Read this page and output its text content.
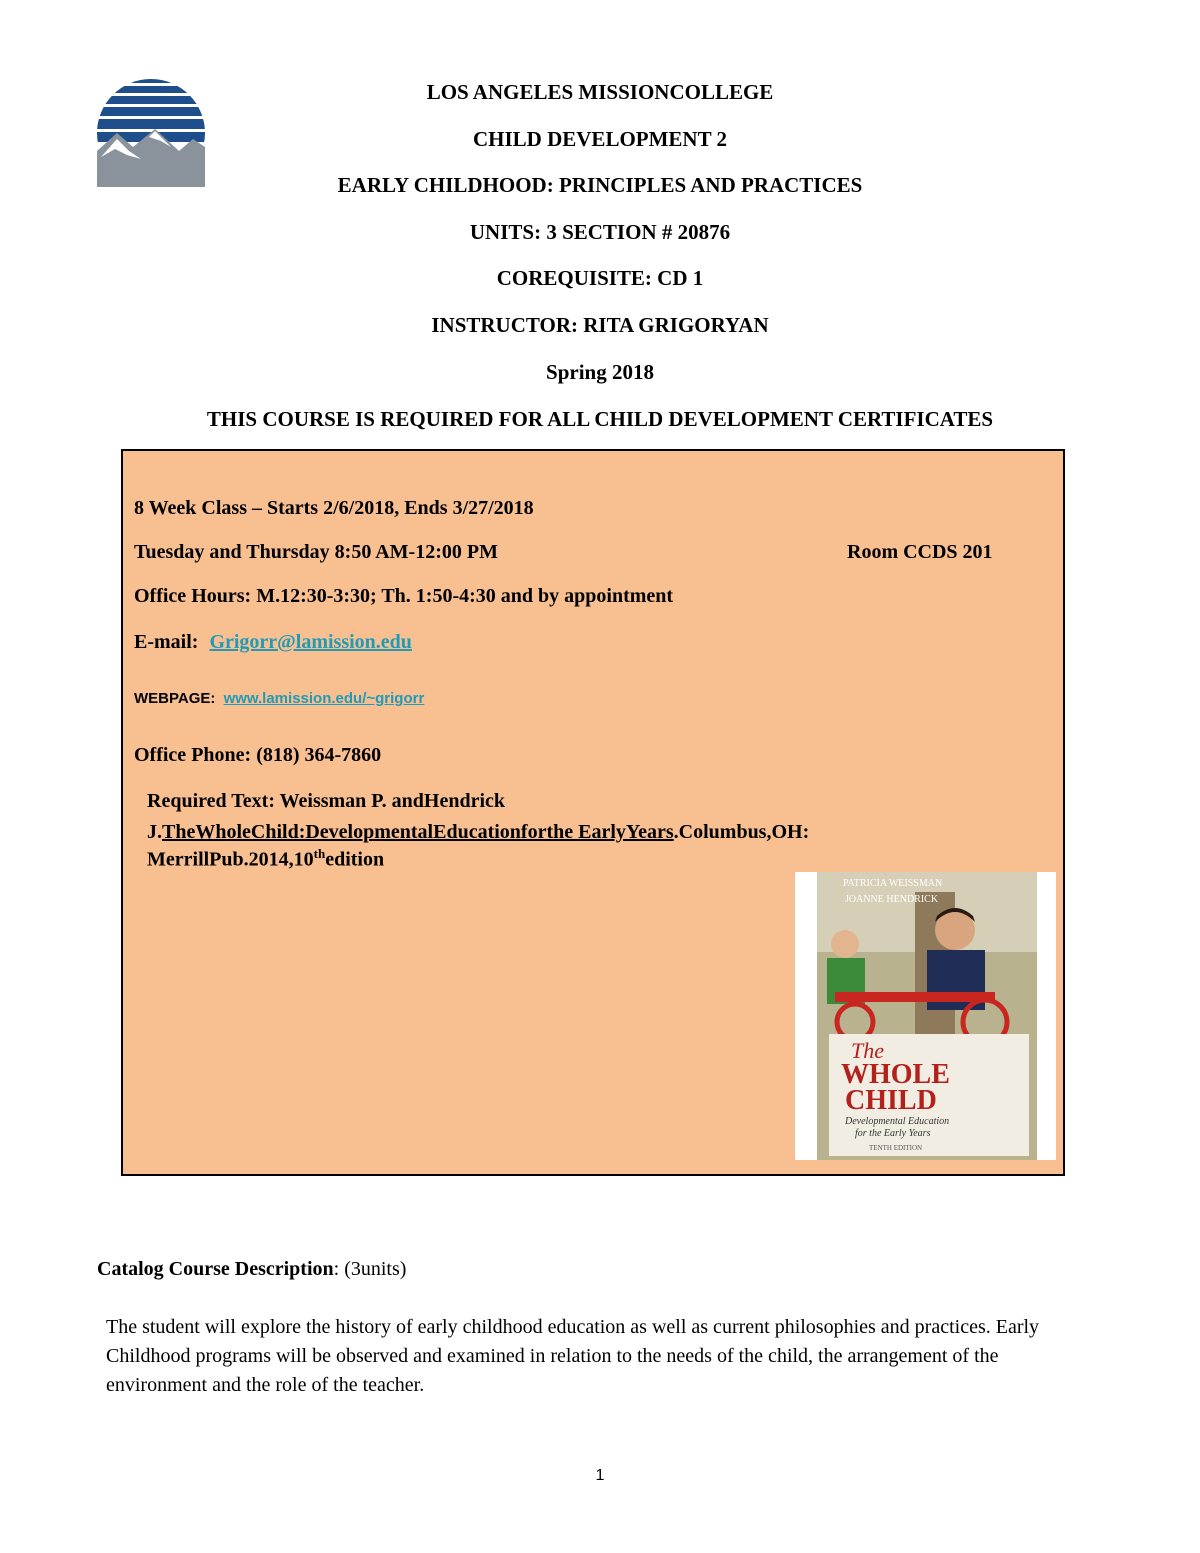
LOS ANGELES MISSIONCOLLEGE
CHILD DEVELOPMENT 2
EARLY CHILDHOOD: PRINCIPLES AND PRACTICES
UNITS: 3 SECTION # 20876
COREQUISITE: CD 1
INSTRUCTOR: RITA GRIGORYAN
Spring 2018
THIS COURSE IS REQUIRED FOR ALL CHILD DEVELOPMENT CERTIFICATES
8 Week Class – Starts 2/6/2018, Ends 3/27/2018
Tuesday and Thursday 8:50 AM-12:00 PM	Room CCDS 201
Office Hours: M.12:30-3:30; Th. 1:50-4:30 and by appointment
E-mail: Grigorr@lamission.edu
WEBPAGE: www.lamission.edu/~grigorr
Office Phone: (818) 364-7860
Required Text: Weissman P. andHendrick
J.TheWholeChild:DevelopmentalEducationforthe EarlyYears.Columbus,OH:
MerrillPub.2014,10thedition
PATRICIA WEISSMAN
JOANNE HENDRICK
The
WHOLE
CHILD
Developmental Education
for the Early Years
TENTH EDITION
Catalog Course Description: (3units)
The student will explore the history of early childhood education as well as current philosophies and practices. Early Childhood programs will be observed and examined in relation to the needs of the child, the arrangement of the environment and the role of the teacher.
1
